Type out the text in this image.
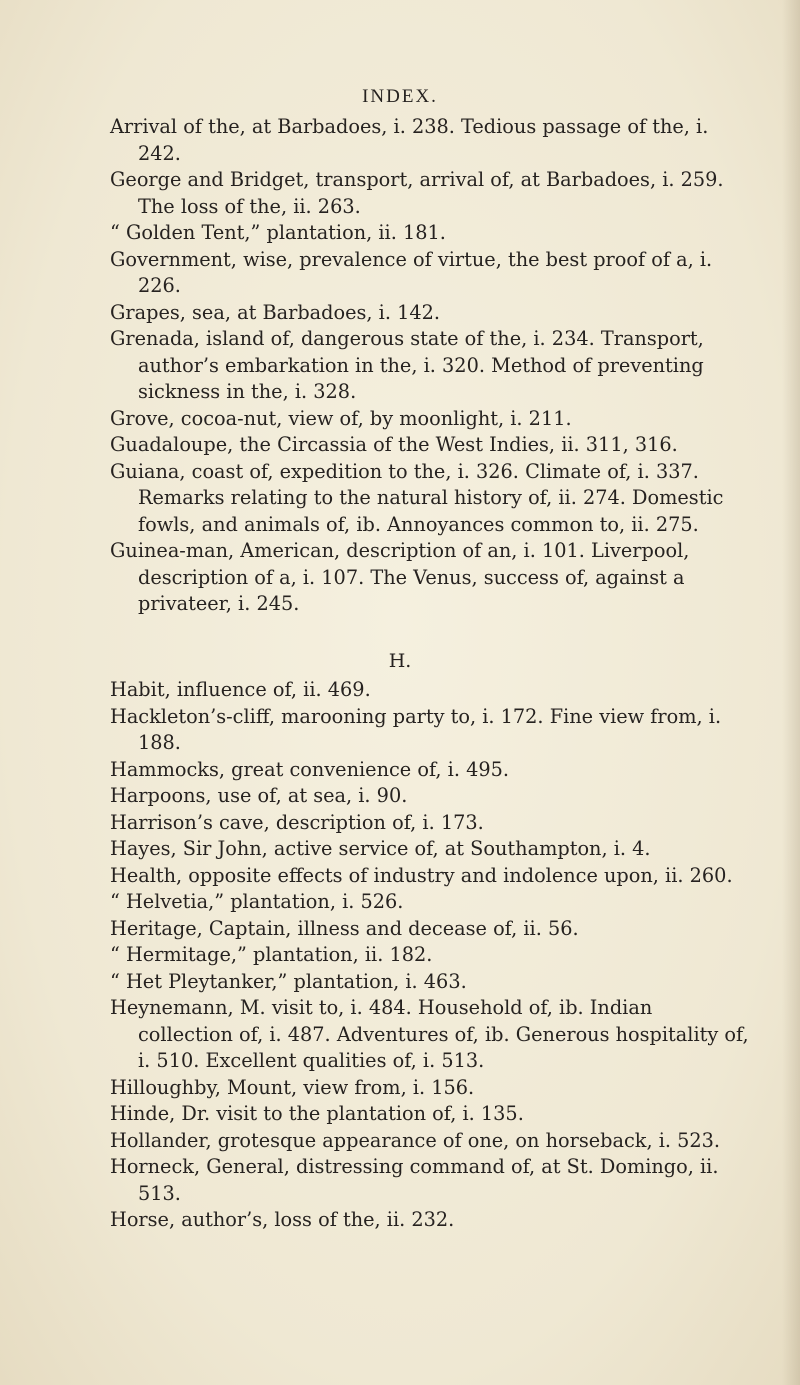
INDEX.

Arrival of the, at Barbadoes, i. 238. Tedious passage of the, i. 242.

George and Bridget, transport, arrival of, at Barbadoes, i. 259. The loss of the, ii. 263.

“ Golden Tent,” plantation, ii. 181.

Government, wise, prevalence of virtue, the best proof of a, i. 226.

Grapes, sea, at Barbadoes, i. 142.

Grenada, island of, dangerous state of the, i. 234. Transport, author’s embarkation in the, i. 320. Method of preventing sickness in the, i. 328.

Grove, cocoa-nut, view of, by moonlight, i. 211.

Guadaloupe, the Circassia of the West Indies, ii. 311, 316.

Guiana, coast of, expedition to the, i. 326. Climate of, i. 337. Remarks relating to the natural history of, ii. 274. Domestic fowls, and animals of, ib. Annoyances common to, ii. 275.

Guinea-man, American, description of an, i. 101. Liverpool, description of a, i. 107. The Venus, success of, against a privateer, i. 245.

H.

Habit, influence of, ii. 469.

Hackleton’s-cliff, marooning party to, i. 172. Fine view from, i. 188.

Hammocks, great convenience of, i. 495.

Harpoons, use of, at sea, i. 90.

Harrison’s cave, description of, i. 173.

Hayes, Sir John, active service of, at Southampton, i. 4.

Health, opposite effects of industry and indolence upon, ii. 260.

“ Helvetia,” plantation, i. 526.

Heritage, Captain, illness and decease of, ii. 56.

“ Hermitage,” plantation, ii. 182.

“ Het Pleytanker,” plantation, i. 463.

Heynemann, M. visit to, i. 484. Household of, ib. Indian collection of, i. 487. Adventures of, ib. Generous hospitality of, i. 510. Excellent qualities of, i. 513.

Hilloughby, Mount, view from, i. 156.

Hinde, Dr. visit to the plantation of, i. 135.

Hollander, grotesque appearance of one, on horseback, i. 523.

Horneck, General, distressing command of, at St. Domingo, ii. 513.

Horse, author’s, loss of the, ii. 232.
